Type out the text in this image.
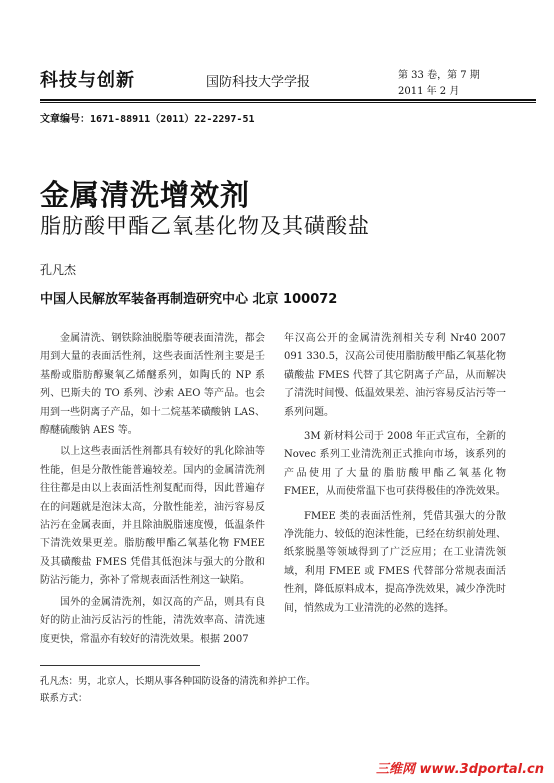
科技与创新	国防科技大学学报	第 33 卷，第 7 期
2011 年 2 月
文章编号：1671-88911（2011）22-2297-51
金属清洗增效剂
脂肪酸甲酯乙氧基化物及其磺酸盐
孔凡杰
中国人民解放军装备再制造研究中心 北京 100072

金属清洗、钢铁除油脱脂等硬表面清洗，都会用到大量的表面活性剂，这些表面活性剂主要是壬基酚或脂肪醇聚氧乙烯醚系列，如陶氏的 NP 系列、巴斯夫的 TO 系列、沙索 AEO 等产品。也会用到一些阴离子产品，如十二烷基苯磺酸钠 LAS、醇醚硫酸钠 AES 等。

以上这些表面活性剂都具有较好的乳化除油等性能，但是分散性能普遍较差。国内的金属清洗剂往往都是由以上表面活性剂复配而得，因此普遍存在的问题就是泡沫太高，分散性能差，油污容易反沾污在金属表面，并且除油脱脂速度慢，低温条件下清洗效果更差。脂肪酸甲酯乙氧基化物 FMEE 及其磺酸盐 FMES 凭借其低泡沫与强大的分散和防沾污能力，弥补了常规表面活性剂这一缺陷。

国外的金属清洗剂，如汉高的产品，则具有良好的防止油污反沾污的性能，清洗效率高、清洗速度更快，常温亦有较好的清洗效果。根据 2007

年汉高公开的金属清洗剂相关专利 Nr40 2007 091 330.5，汉高公司使用脂肪酸甲酯乙氧基化物磺酸盐 FMES 代替了其它阴离子产品，从而解决了清洗时间慢、低温效果差、油污容易反沾污等一系列问题。

3M 新材料公司于 2008 年正式宣布，全新的 Novec 系列工业清洗剂正式推向市场，该系列的产品使用了大量的脂肪酸甲酯乙氧基化物 FMEE，从而使常温下也可获得极佳的净洗效果。

FMEE 类的表面活性剂，凭借其强大的分散净洗能力、较低的泡沫性能，已经在纺织前处理、纸浆脱墨等领域得到了广泛应用；在工业清洗领域，利用 FMEE 或 FMES 代替部分常规表面活性剂，降低原料成本，提高净洗效果，减少净洗时间，悄然成为工业清洗的必然的选择。

孔凡杰：男，北京人，长期从事各种国防设备的清洗和养护工作。
联系方式：
三维网 www.3dportal.cn
